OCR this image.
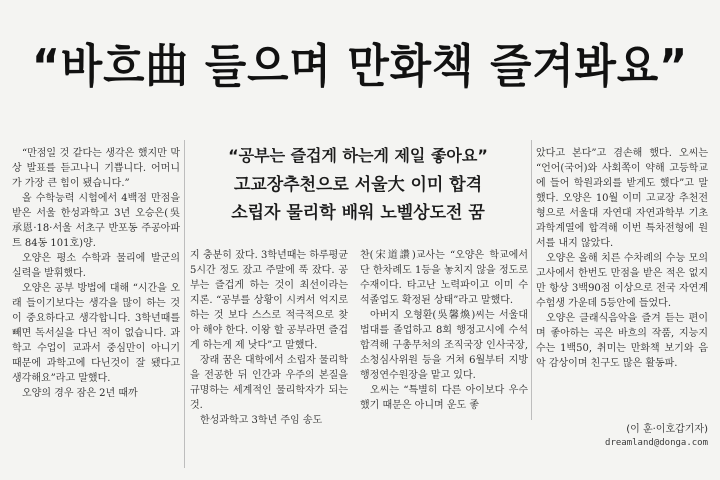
“바흐曲 들으며 만화책 즐겨봐요”
“공부는 즐겁게 하는게 제일 좋아요”
고교장추천으로 서울大 이미 합격
소립자 물리학 배워 노벨상도전 꿈

“만점일 것 같다는 생각은 했지만 막상 발표를 듣고나니 기쁩니다. 어머니가 가장 큰 힘이 됐습니다.”

올 수학능력 시험에서 4백점 만점을 받은 서울 한성과학고 3년 오승은(吳承恩·18·서울 서초구 반포동 주공아파트 84동 101호)양.

오양은 평소 수학과 물리에 발군의 실력을 발휘했다.

오양은 공부 방법에 대해 “시간을 오래 들이기보다는 생각을 많이 하는 것이 중요하다고 생각합니다. 3학년때를 빼면 독서실을 다닌 적이 없습니다. 과학고 수업이 교과서 중심만이 아니기 때문에 과학고에 다닌것이 잘 됐다고 생각해요”라고 말했다.

오양의 경우 잠은 2년 때까

지 충분히 잤다. 3학년때는 하루평균 5시간 정도 잤고 주말에 푹 잤다. 공부는 즐겁게 하는 것이 최선이라는 지론. “공부를 상황이 시켜서 억지로 하는 것 보다 스스로 적극적으로 찾아 해야 한다. 이왕 할 공부라면 즐겁게 하는게 제 낫다”고 말했다.

장래 꿈은 대학에서 소립자 물리학을 전공한 뒤 인간과 우주의 본질을 규명하는 세계적인 물리학자가 되는 것.

한성과학고 3학년 주임 송도

찬(宋道讚)교사는 “오양은 학교에서 단 한차례도 1등을 놓치지 않을 정도로 수재이다. 타고난 노력파이고 이미 수석졸업도 확정된 상태”라고 말했다.

아버지 오형환(吳馨煥)씨는 서울대 법대를 졸업하고 8회 행정고시에 수석 합격해 구총무처의 조직국장 인사국장, 소청심사위원 등을 거쳐 6월부터 지방행정연수원장을 맡고 있다.

오씨는 “특별히 다른 아이보다 우수했기 때문은 아니며 운도 좋

았다고 본다”고 겸손해 했다. 오씨는 “언어(국어)와 사회쪽이 약해 고등학교에 들어 학원과외를 받게도 했다”고 말했다. 오양은 10월 이미 고교장 추천전형으로 서울대 자연대 자연과학부 기초과학계열에 합격해 이번 특차전형에 원서를 내지 않았다.

오양은 올해 치른 수차례의 수능 모의고사에서 한번도 만점을 받은 적은 없지만 항상 3백90점 이상으로 전국 자연계 수험생 가운데 5등안에 들었다.

오양은 클래식음악을 즐겨 듣는 편이며 좋아하는 곡은 바흐의 작품, 지능지수는 1백50, 취미는 만화책 보기와 음악 감상이며 친구도 많은 활동파.

(이 훈·이호갑기자)
dreamland@donga.com
